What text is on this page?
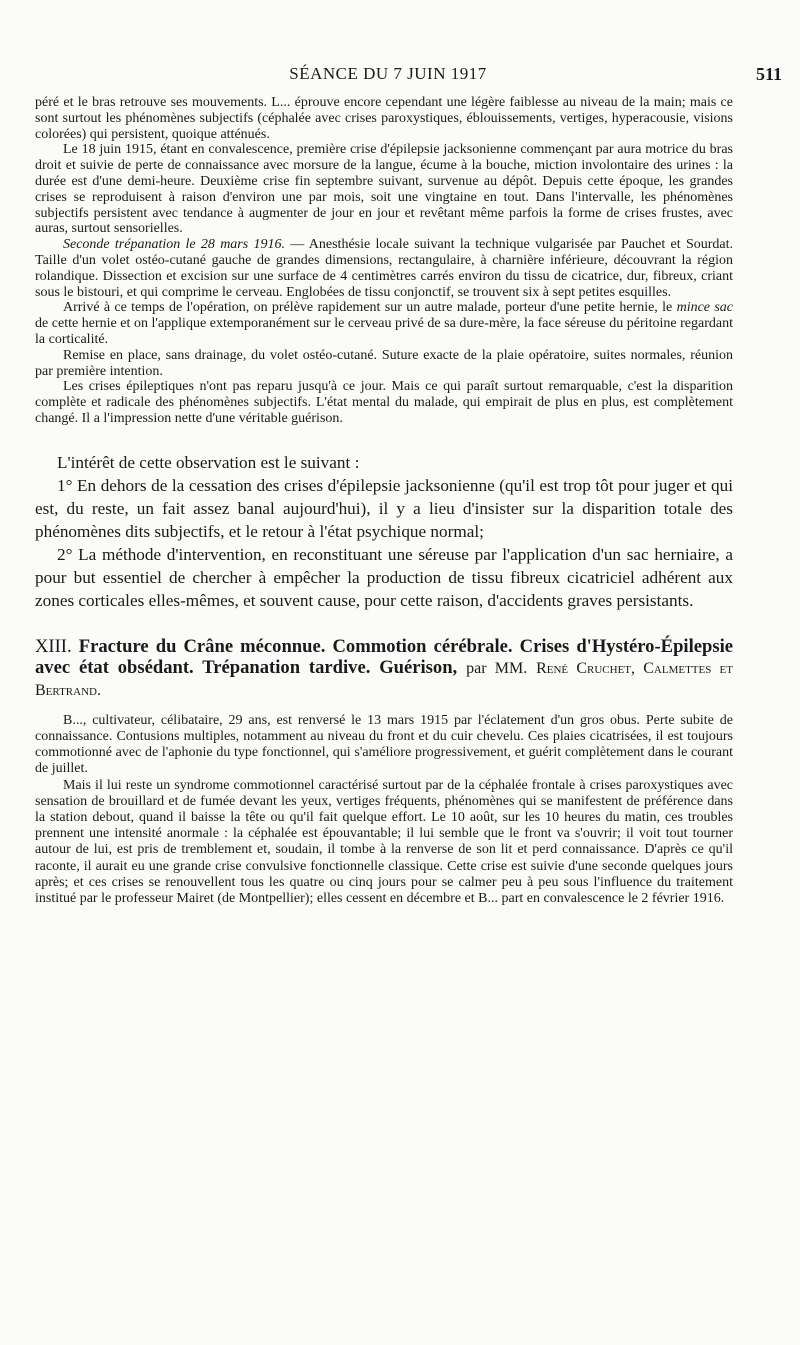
SÉANCE DU 7 JUIN 1917	511

péré et le bras retrouve ses mouvements. L... éprouve encore cependant une légère faiblesse au niveau de la main; mais ce sont surtout les phénomènes subjectifs (céphalée avec crises paroxystiques, éblouissements, vertiges, hyperacousie, visions colorées) qui persistent, quoique atténués.

Le 18 juin 1915, étant en convalescence, première crise d'épilepsie jacksonienne commençant par aura motrice du bras droit et suivie de perte de connaissance avec morsure de la langue, écume à la bouche, miction involontaire des urines : la durée est d'une demi-heure. Deuxième crise fin septembre suivant, survenue au dépôt. Depuis cette époque, les grandes crises se reproduisent à raison d'environ une par mois, soit une vingtaine en tout. Dans l'intervalle, les phénomènes subjectifs persistent avec tendance à augmenter de jour en jour et revêtant même parfois la forme de crises frustes, avec auras, surtout sensorielles.

Seconde trépanation le 28 mars 1916. — Anesthésie locale suivant la technique vulgarisée par Pauchet et Sourdat. Taille d'un volet ostéo-cutané gauche de grandes dimensions, rectangulaire, à charnière inférieure, découvrant la région rolandique. Dissection et excision sur une surface de 4 centimètres carrés environ du tissu de cicatrice, dur, fibreux, criant sous le bistouri, et qui comprime le cerveau. Englobées de tissu conjonctif, se trouvent six à sept petites esquilles.

Arrivé à ce temps de l'opération, on prélève rapidement sur un autre malade, porteur d'une petite hernie, le mince sac de cette hernie et on l'applique extemporanément sur le cerveau privé de sa dure-mère, la face séreuse du péritoine regardant la corticalité.

Remise en place, sans drainage, du volet ostéo-cutané. Suture exacte de la plaie opératoire, suites normales, réunion par première intention.

Les crises épileptiques n'ont pas reparu jusqu'à ce jour. Mais ce qui paraît surtout remarquable, c'est la disparition complète et radicale des phénomènes subjectifs. L'état mental du malade, qui empirait de plus en plus, est complètement changé. Il a l'impression nette d'une véritable guérison.

L'intérêt de cette observation est le suivant :

1° En dehors de la cessation des crises d'épilepsie jacksonienne (qu'il est trop tôt pour juger et qui est, du reste, un fait assez banal aujourd'hui), il y a lieu d'insister sur la disparition totale des phénomènes dits subjectifs, et le retour à l'état psychique normal;

2° La méthode d'intervention, en reconstituant une séreuse par l'application d'un sac herniaire, a pour but essentiel de chercher à empêcher la production de tissu fibreux cicatriciel adhérent aux zones corticales elles-mêmes, et souvent cause, pour cette raison, d'accidents graves persistants.

XIII. Fracture du Crâne méconnue. Commotion cérébrale. Crises d'Hystéro-Épilepsie avec état obsédant. Trépanation tardive. Guérison, par MM. René Cruchet, Calmettes et Bertrand.

B..., cultivateur, célibataire, 29 ans, est renversé le 13 mars 1915 par l'éclatement d'un gros obus. Perte subite de connaissance. Contusions multiples, notamment au niveau du front et du cuir chevelu. Ces plaies cicatrisées, il est toujours commotionné avec de l'aphonie du type fonctionnel, qui s'améliore progressivement, et guérit complètement dans le courant de juillet.

Mais il lui reste un syndrome commotionnel caractérisé surtout par de la céphalée frontale à crises paroxystiques avec sensation de brouillard et de fumée devant les yeux, vertiges fréquents, phénomènes qui se manifestent de préférence dans la station debout, quand il baisse la tête ou qu'il fait quelque effort. Le 10 août, sur les 10 heures du matin, ces troubles prennent une intensité anormale : la céphalée est épouvantable; il lui semble que le front va s'ouvrir; il voit tout tourner autour de lui, est pris de tremblement et, soudain, il tombe à la renverse de son lit et perd connaissance. D'après ce qu'il raconte, il aurait eu une grande crise convulsive fonctionnelle classique. Cette crise est suivie d'une seconde quelques jours après; et ces crises se renouvellent tous les quatre ou cinq jours pour se calmer peu à peu sous l'influence du traitement institué par le professeur Mairet (de Montpellier); elles cessent en décembre et B... part en convalescence le 2 février 1916.
